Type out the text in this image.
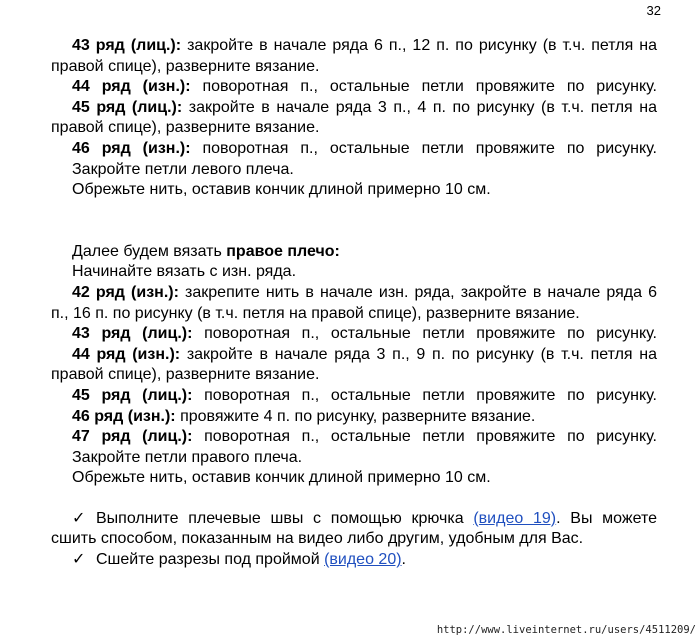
32

43 ряд (лиц.): закройте в начале ряда 6 п., 12 п. по рисунку (в т.ч. петля на правой спице), разверните вязание.

44 ряд (изн.): поворотная п., остальные петли провяжите по рисунку.

45 ряд (лиц.): закройте в начале ряда 3 п., 4 п. по рисунку (в т.ч. петля на правой спице), разверните вязание.

46 ряд (изн.): поворотная п., остальные петли провяжите по рисунку.

Закройте петли левого плеча.

Обрежьте нить, оставив кончик длиной примерно 10 см.

Далее будем вязать правое плечо:

Начинайте вязать с изн. ряда.

42 ряд (изн.): закрепите нить в начале изн. ряда, закройте в начале ряда 6 п., 16 п. по рисунку (в т.ч. петля на правой спице), разверните вязание.

43 ряд (лиц.): поворотная п., остальные петли провяжите по рисунку.

44 ряд (изн.): закройте в начале ряда 3 п., 9 п. по рисунку (в т.ч. петля на правой спице), разверните вязание.

45 ряд (лиц.): поворотная п., остальные петли провяжите по рисунку.

46 ряд (изн.): провяжите 4 п. по рисунку, разверните вязание.

47 ряд (лиц.): поворотная п., остальные петли провяжите по рисунку.

Закройте петли правого плеча.

Обрежьте нить, оставив кончик длиной примерно 10 см.

✓ Выполните плечевые швы с помощью крючка (видео 19). Вы можете сшить способом, показанным на видео либо другим, удобным для Вас.

✓ Сшейте разрезы под проймой (видео 20).

http://www.liveinternet.ru/users/4511209/
